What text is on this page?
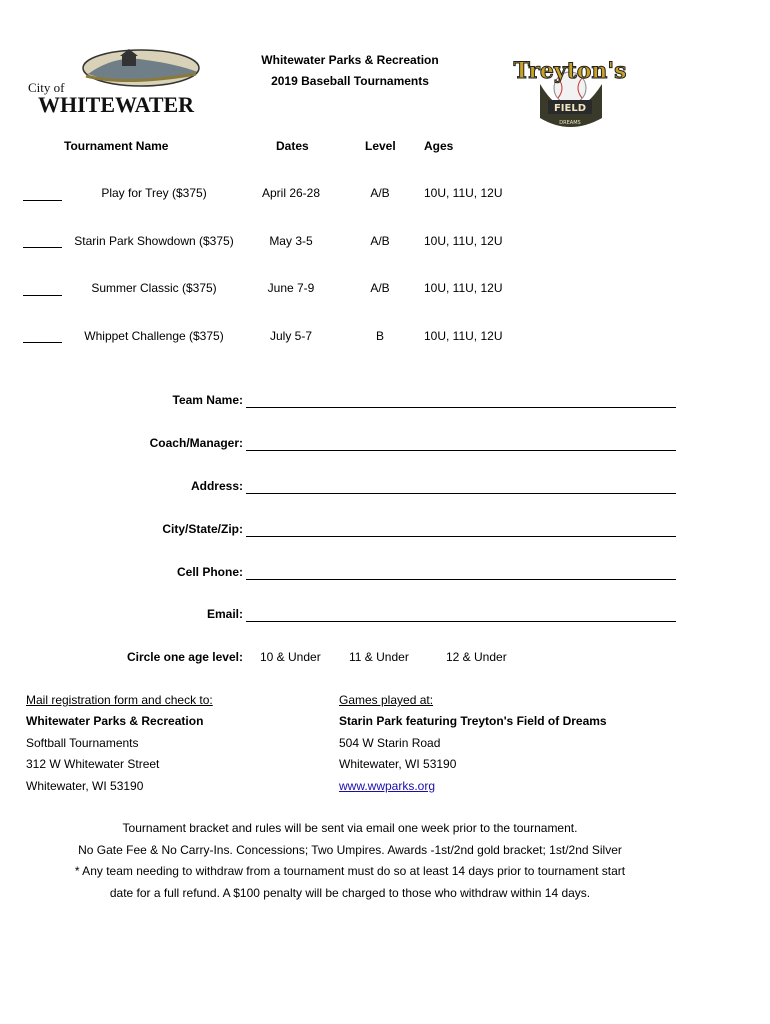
City of
WHITEWATER
Whitewater Parks & Recreation
2019 Baseball Tournaments	Treyton's
FIELD
DREAMS
Tournament Name	Dates	Level Ages
Play for Trey ($375)	April 26-28	A/B	10U, 11U, 12U
Starin Park Showdown ($375)	May 3-5	A/B	10U, 11U, 12U
Summer Classic ($375)	June 7-9	A/B	10U, 11U, 12U
Whippet Challenge ($375)	July 5-7	B	10U, 11U, 12U
Team Name:
Coach/Manager:
Address:
City/State/Zip:
Cell Phone:
Email:
Circle one age level: 10 & Under 11 & Under	12 & Under
Mail registration form and check to:
Whitewater Parks & Recreation
Softball Tournaments
312 W Whitewater Street
Whitewater, WI 53190
Games played at:
Starin Park featuring Treyton's Field of Dreams
504 W Starin Road
Whitewater, WI 53190
www.wwparks.org
Tournament bracket and rules will be sent via email one week prior to the tournament.
No Gate Fee & No Carry-Ins. Concessions; Two Umpires. Awards -1st/2nd gold bracket; 1st/2nd Silver
* Any team needing to withdraw from a tournament must do so at least 14 days prior to tournament start
date for a full refund. A $100 penalty will be charged to those who withdraw within 14 days.
